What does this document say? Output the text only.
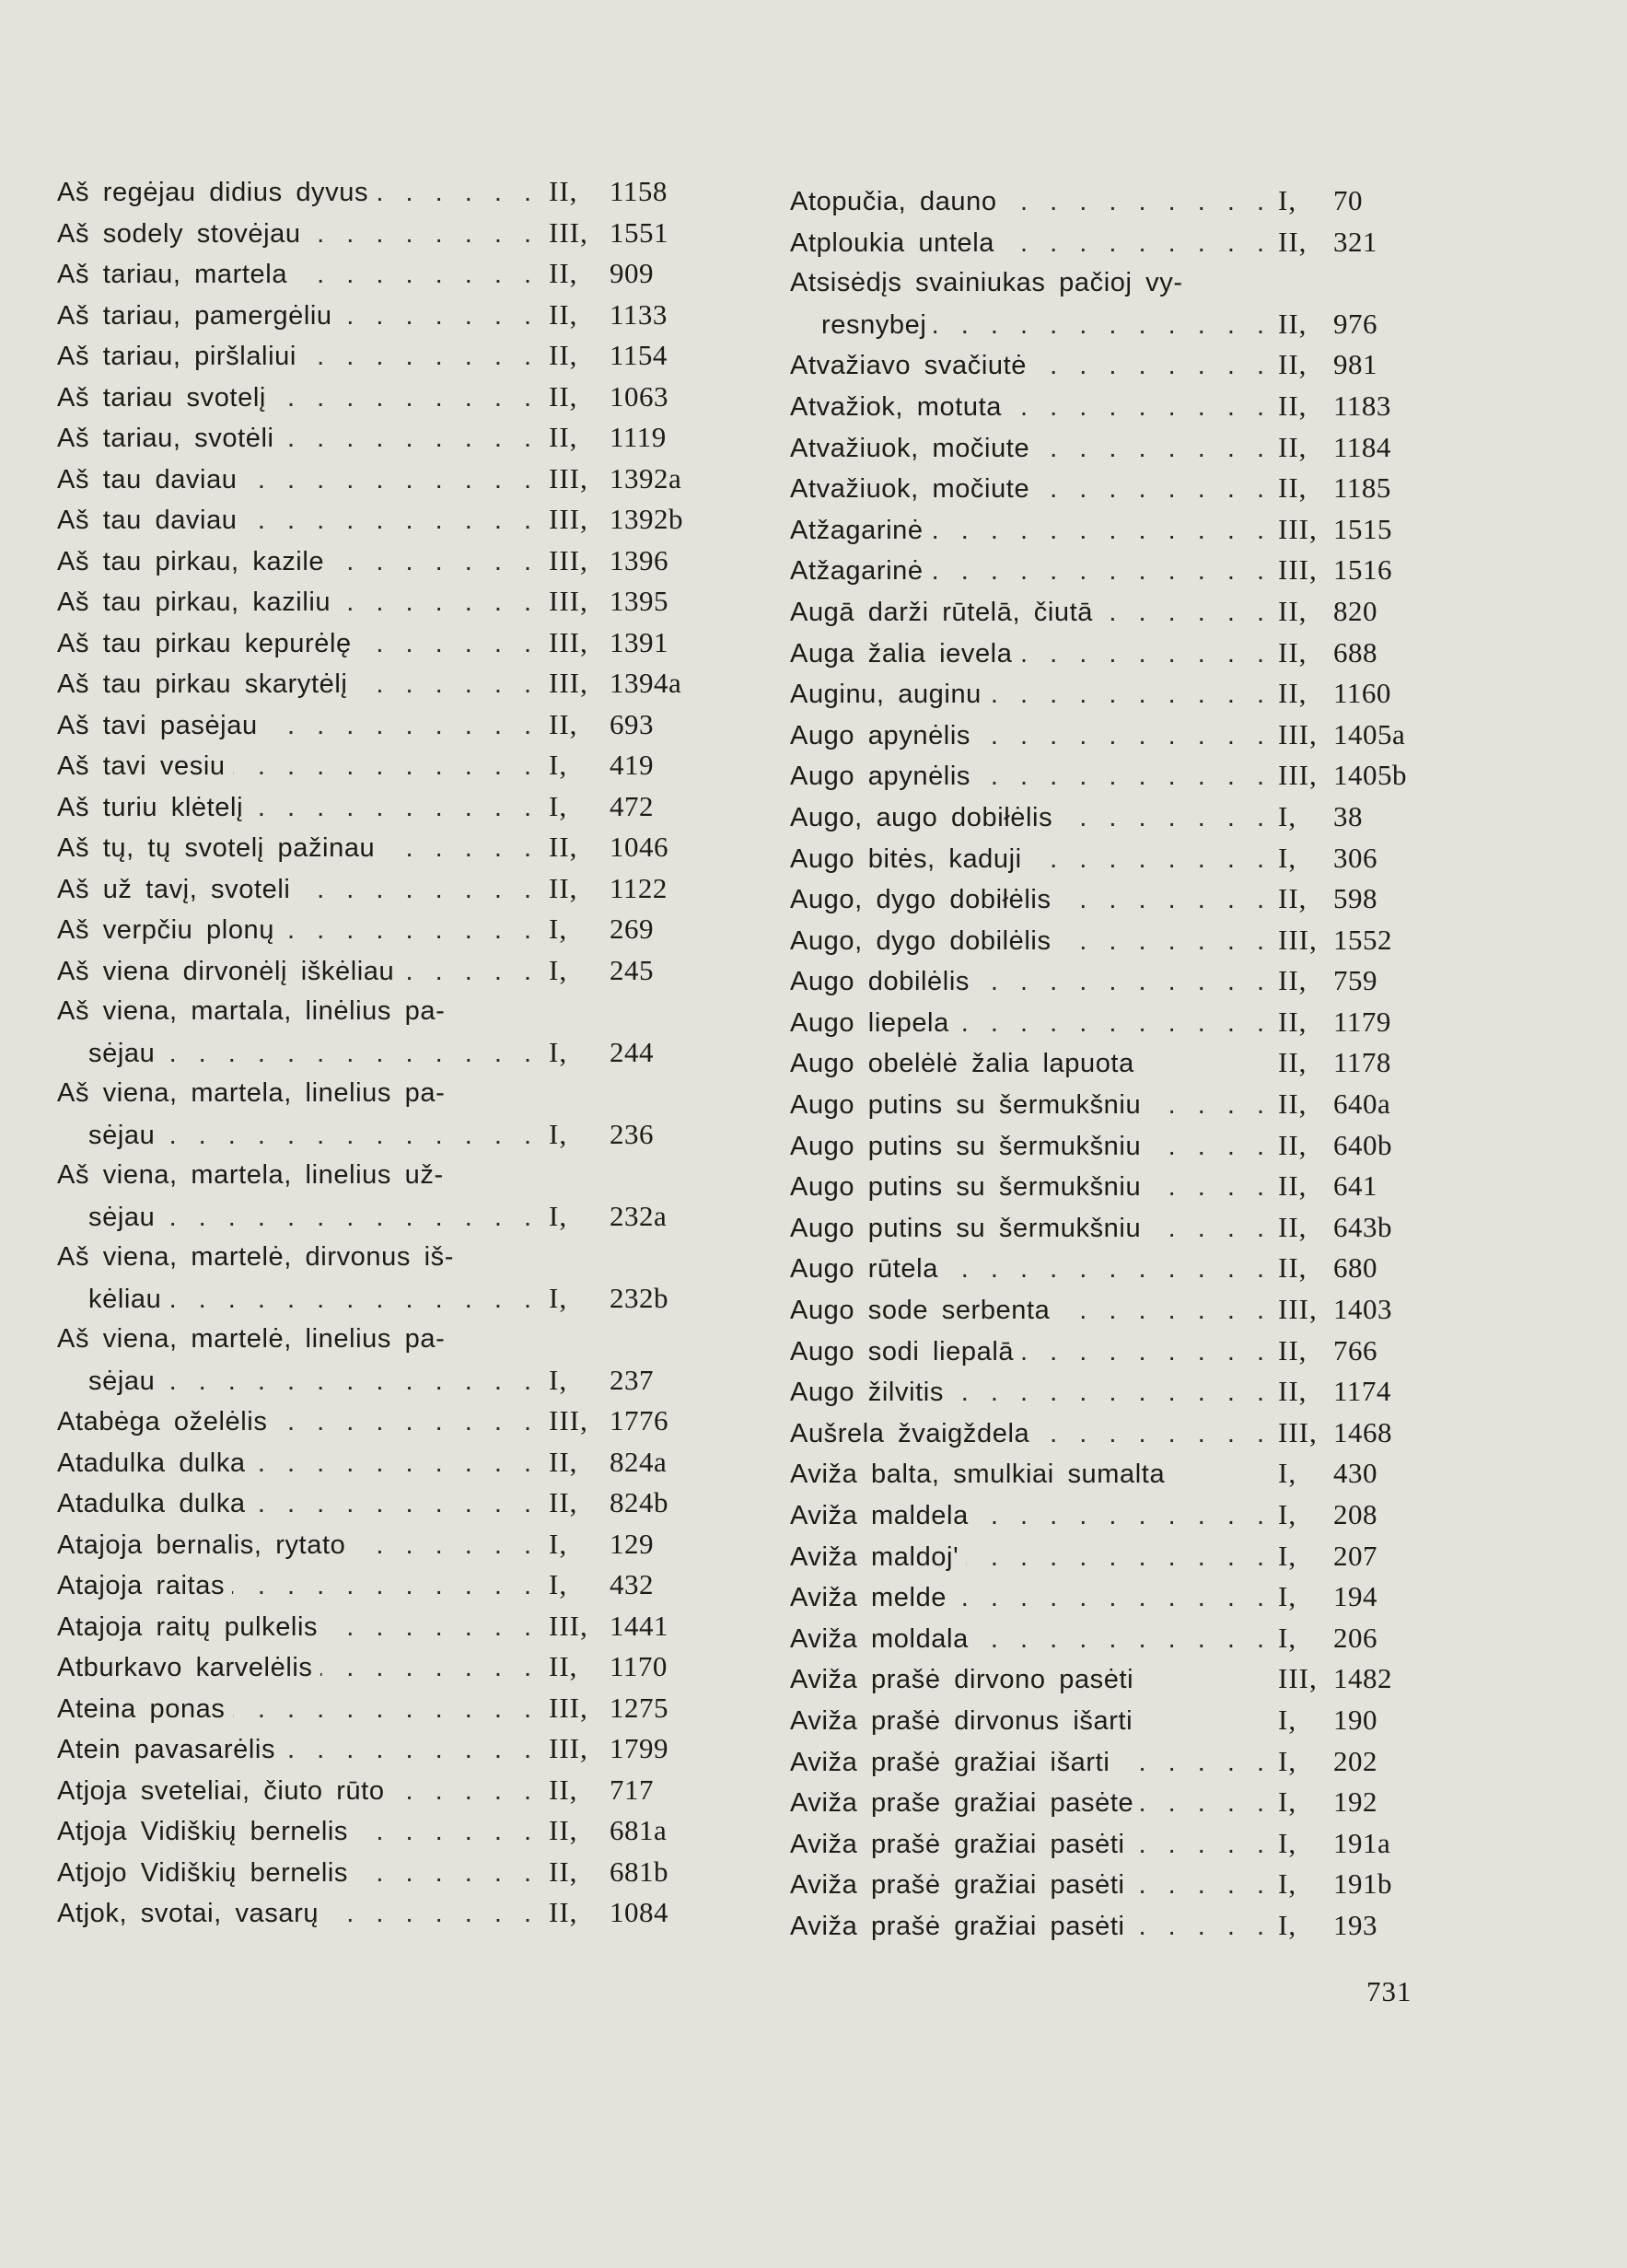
Aš regėjau didius dyvus . . .	II,	1158
Aš sodely stovėjau . . .	III, 1551
Aš tariau, martela . . .	II,	909
Aš tariau, pamergėliu . . .	II,	1133
Aš tariau, piršlaliui . . .	II,	1154
Aš tariau svotelį . . .	II,	1063
Aš tariau, svotėli . . .	II,	1119
Aš tau daviau . . .	III, 1392a
Aš tau daviau . . .	III, 1392b
Aš tau pirkau, kazile . . .	III, 1396
Aš tau pirkau, kaziliu . . .	III, 1395
Aš tau pirkau kepurėlę . . .	III, 1391
Aš tau pirkau skarytėlį . . .	III, 1394a
Aš tavi pasėjau . . .	II,	693
Aš tavi vesiu . . .	I,	419
Aš turiu klėtelį . . .	I,	472
Aš tų, tų svotelį pažinau . . .	II,	1046
Aš už tavį, svoteli . . .	II,	1122
Aš verpčiu plonų . . .	I,	269
Aš viena dirvonėlį iškėliau . . .	I,	245
Aš viena, martala, linėlius pa-
sėjau . . .	I,	244
Aš viena, martela, linelius pa-
sėjau . . .	I,	236
Aš viena, martela, linelius už-
sėjau . . .	I,	232a
Aš viena, martelė, dirvonus iš-
kėliau . . .	I,	232b
Aš viena, martelė, linelius pa-
sėjau . . .	I,	237
Atabėga oželėlis . . .	III, 1776
Atadulka dulka . . .	II,	824a
Atadulka dulka . . .	II,	824b
Atajoja bernalis, rytato . . .	I,	129
Atajoja raitas . . .	I,	432
Atajoja raitų pulkelis . . .	III, 1441
Atburkavo karvelėlis . . .	II,	1170
Ateina ponas . . .	III, 1275
Atein pavasarėlis . . .	III, 1799
Atjoja sveteliai, čiuto rūto . . .	II,	717
Atjoja Vidiškių bernelis . . .	II,	681a
Atjojo Vidiškių bernelis . . .	II,	681b
Atjok, svotai, vasarų . . .	II,	1084
Atopučia, dauno . . .	I,	70
Atploukia untela . . .	II, 321
Atsisėdįs svainiukas pačioj vy-
resnybej . . .	II, 976
Atvažiavo svačiutė . . .	II, 981
Atvažiok, motuta . . .	II, 1183
Atvažiuok, močiute . . .	II, 1184
Atvažiuok, močiute . . .	II, 1185
Atžagarinė . . .	III, 1515
Atžagarinė . . .	III, 1516
Augā darži rūtelā, čiutā . . .	II, 820
Auga žalia ievela . . .	II, 688
Auginu, auginu . . .	II, 1160
Augo apynėlis . . .	III, 1405a
Augo apynėlis . . .	III, 1405b
Augo, augo dobiłėlis . . .	I,	38
Augo bitės, kaduji . . .	I,	306
Augo, dygo dobiłėlis . . .	II, 598
Augo, dygo dobilėlis . . .	III, 1552
Augo dobilėlis . . .	II, 759
Augo liepela . . .	II, 1179
Augo obelėlė žalia lapuota	II, 1178
Augo putins su šermukšniu . . .	II, 640a
Augo putins su šermukšniu . . .	II, 640b
Augo putins su šermukšniu . . .	II, 641
Augo putins su šermukšniu . . .	II, 643b
Augo rūtela . . .	II, 680
Augo sode serbenta . . .	III, 1403
Augo sodi liepalā . . .	II, 766
Augo žilvitis . . .	II, 1174
Aušrela žvaigždela . . .	III, 1468
Aviža balta, smulkiai sumalta	I,	430
Aviža maldela . . .	I,	208
Aviža maldoj' . . .	I,	207
Aviža melde . . .	I,	194
Aviža moldala . . .	I,	206
Aviža prašė dirvono pasėti	III, 1482
Aviža prašė dirvonus išarti	I,	190
Aviža prašė gražiai išarti . . .	I,	202
Aviža praše gražiai pasėte . . .	I,	192
Aviža prašė gražiai pasėti . . .	I,	191a
Aviža prašė gražiai pasėti . . .	I,	191b
Aviža prašė gražiai pasėti . . .	I,	193
731
